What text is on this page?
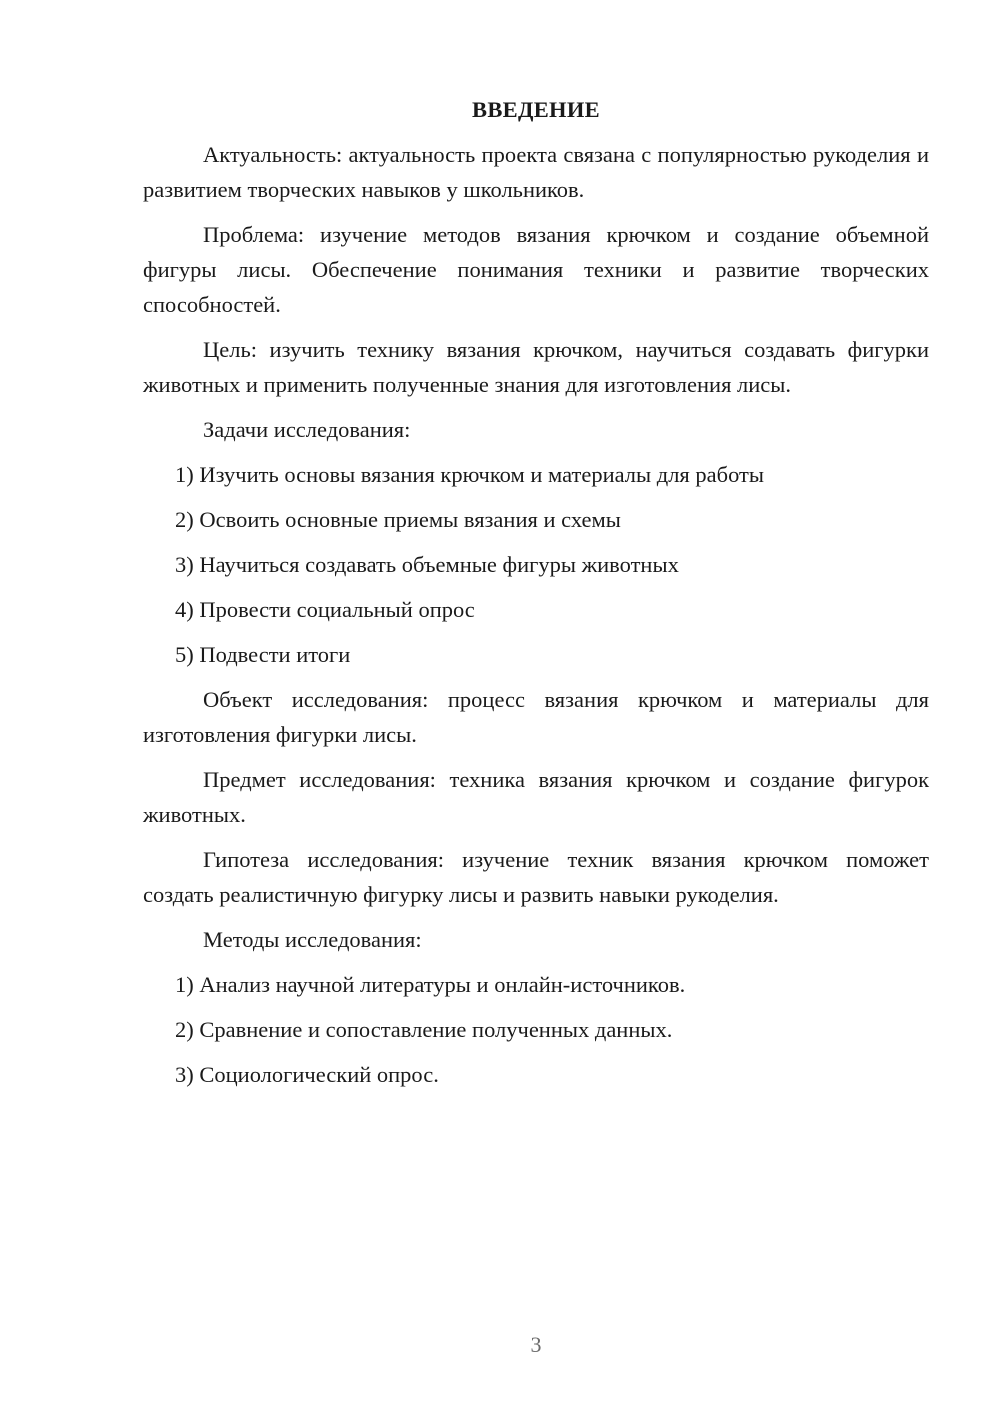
ВВЕДЕНИЕ

Актуальность: актуальность проекта связана с популярностью рукоделия и развитием творческих навыков у школьников.

Проблема: изучение методов вязания крючком и создание объемной фигуры лисы. Обеспечение понимания техники и развитие творческих способностей.

Цель: изучить технику вязания крючком, научиться создавать фигурки животных и применить полученные знания для изготовления лисы.

Задачи исследования:

1) Изучить основы вязания крючком и материалы для работы
2) Освоить основные приемы вязания и схемы
3) Научиться создавать объемные фигуры животных
4) Провести социальный опрос
5) Подвести итоги

Объект исследования: процесс вязания крючком и материалы для изготовления фигурки лисы.

Предмет исследования: техника вязания крючком и создание фигурок животных.

Гипотеза исследования: изучение техник вязания крючком поможет создать реалистичную фигурку лисы и развить навыки рукоделия.

Методы исследования:

1) Анализ научной литературы и онлайн-источников.
2) Сравнение и сопоставление полученных данных.
3) Социологический опрос.
3
